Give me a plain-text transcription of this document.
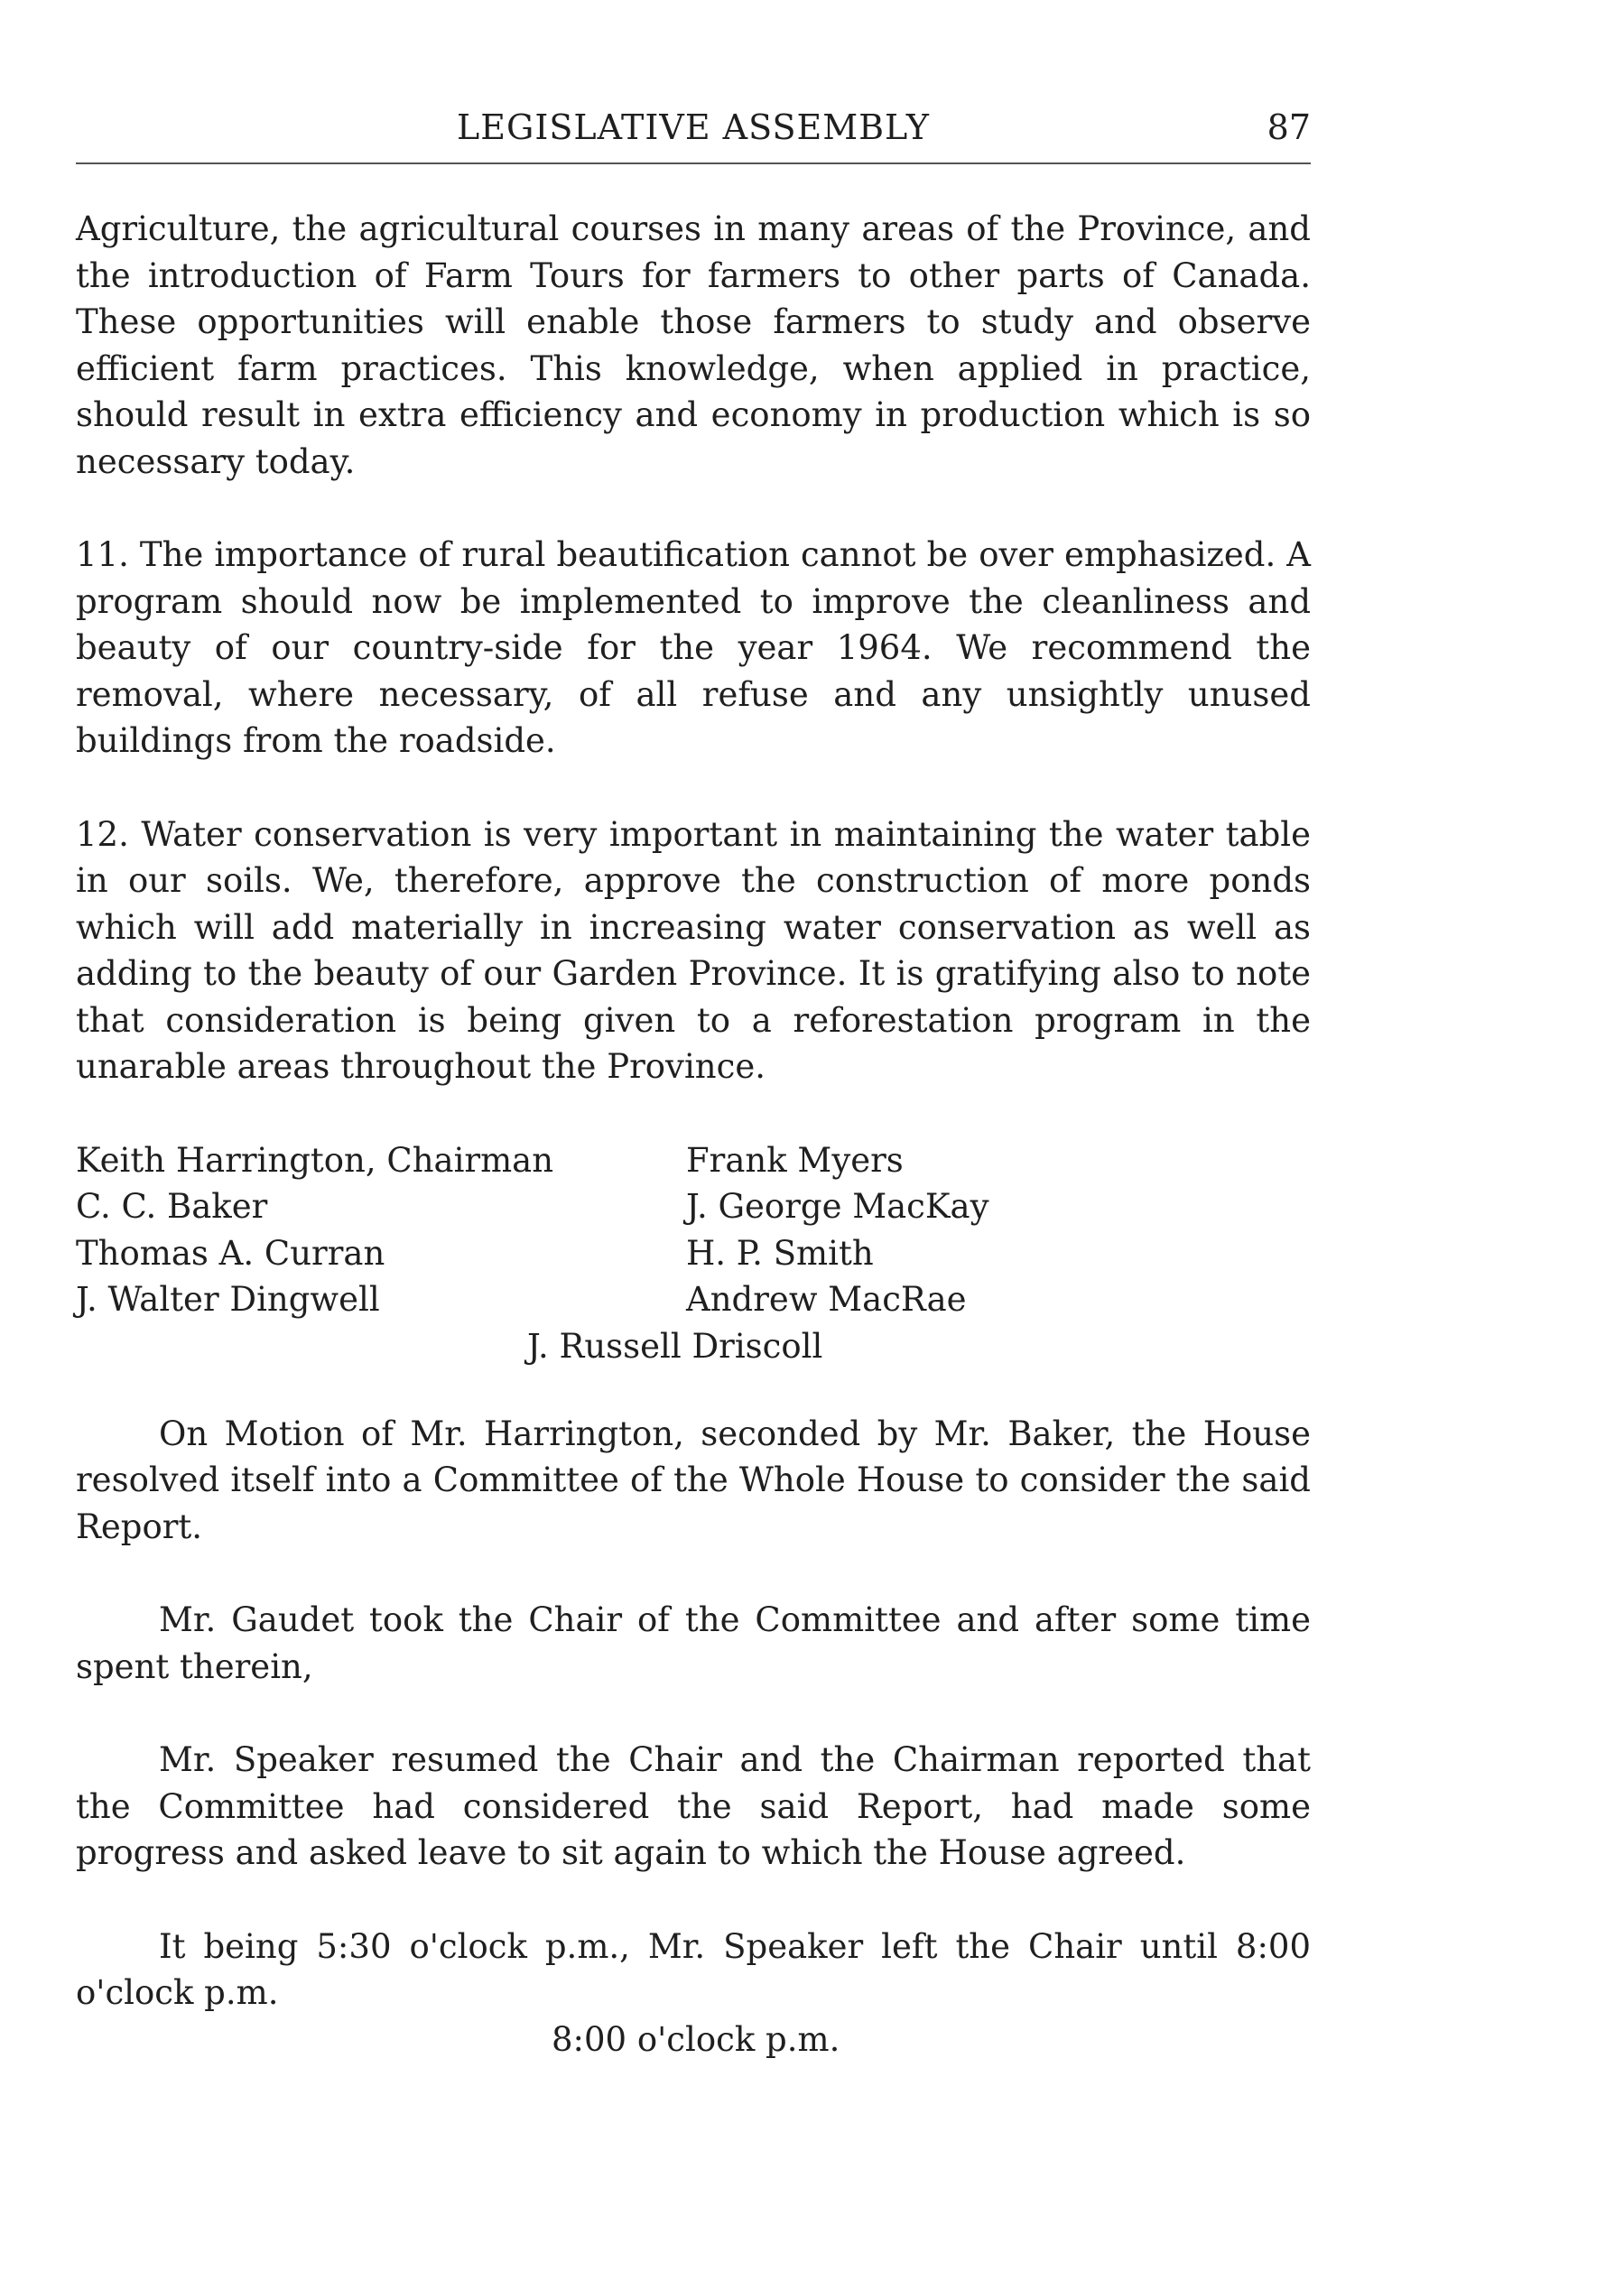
LEGISLATIVE ASSEMBLY	87

Agriculture, the agricultural courses in many areas of the Province, and the introduction of Farm Tours for farmers to other parts of Canada. These opportunities will enable those farmers to study and observe efficient farm practices. This knowledge, when applied in practice, should result in extra efficiency and economy in production which is so necessary today.

11. The importance of rural beautification cannot be over emphasized. A program should now be implemented to improve the cleanliness and beauty of our country-side for the year 1964. We recommend the removal, where necessary, of all refuse and any unsightly unused buildings from the roadside.

12. Water conservation is very important in maintaining the water table in our soils. We, therefore, approve the construction of more ponds which will add materially in increasing water conservation as well as adding to the beauty of our Garden Province. It is gratifying also to note that consideration is being given to a reforestation program in the unarable areas throughout the Province.

Keith Harrington, Chairman
C. C. Baker
Thomas A. Curran
J. Walter Dingwell
Frank Myers
J. George MacKay
H. P. Smith
Andrew MacRae
J. Russell Driscoll

On Motion of Mr. Harrington, seconded by Mr. Baker, the House resolved itself into a Committee of the Whole House to consider the said Report.

Mr. Gaudet took the Chair of the Committee and after some time spent therein,

Mr. Speaker resumed the Chair and the Chairman reported that the Committee had considered the said Report, had made some progress and asked leave to sit again to which the House agreed.

It being 5:30 o'clock p.m., Mr. Speaker left the Chair until 8:00 o'clock p.m.

8:00 o'clock p.m.
